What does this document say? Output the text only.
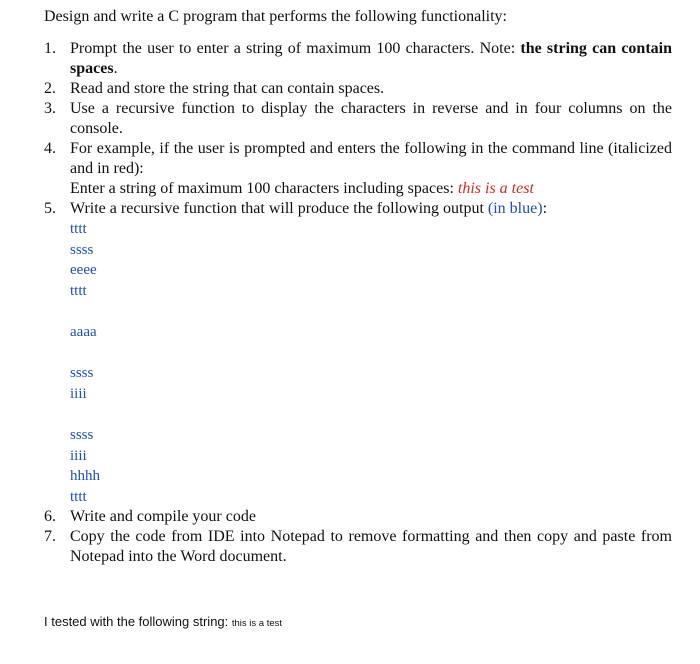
Design and write a C program that performs the following functionality:
1. Prompt the user to enter a string of maximum 100 characters. Note: the string can contain spaces.
2. Read and store the string that can contain spaces.
3. Use a recursive function to display the characters in reverse and in four columns on the console.
4. For example, if the user is prompted and enters the following in the command line (italicized and in red):
Enter a string of maximum 100 characters including spaces: this is a test
5. Write a recursive function that will produce the following output (in blue):
tttt
ssss
eeee
tttt
aaaa
ssss
iiii
ssss
iiii
hhhh
tttt
6. Write and compile your code
7. Copy the code from IDE into Notepad to remove formatting and then copy and paste from Notepad into the Word document.
I tested with the following string: this is a test
